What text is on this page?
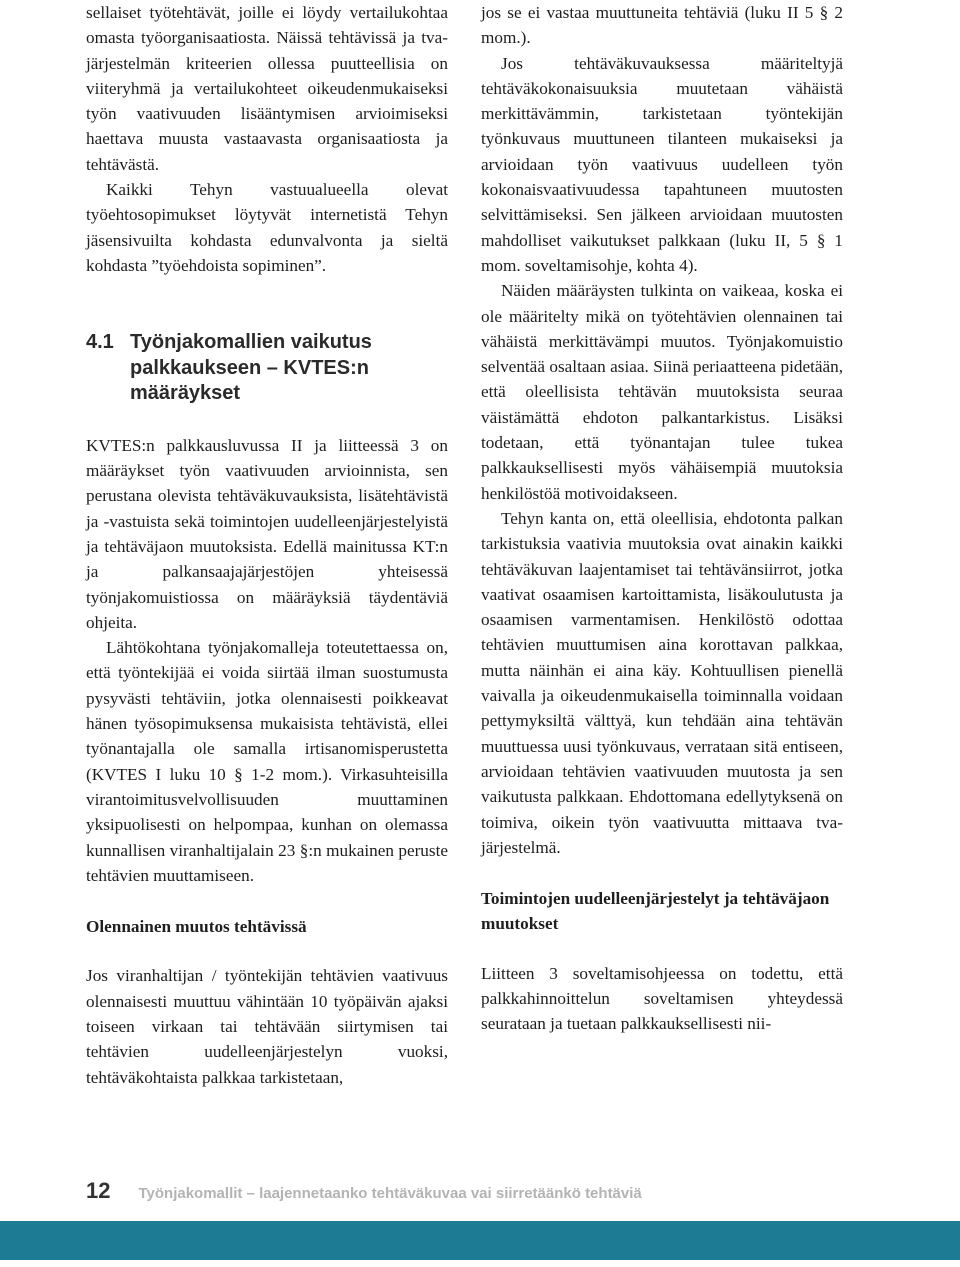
sellaiset työtehtävät, joille ei löydy vertailukohtaa omasta työorganisaatiosta. Näissä tehtävissä ja tva-järjestelmän kriteerien ollessa puutteellisia on viiteryhmä ja vertailukohteet oikeudenmukaiseksi työn vaativuuden lisääntymisen arvioimiseksi haettava muusta vastaavasta organisaatiosta ja tehtävästä.

Kaikki Tehyn vastuualueella olevat työehtosopimukset löytyvät internetistä Tehyn jäsensivuilta kohdasta edunvalvonta ja sieltä kohdasta ”työehdoista sopiminen”.

4.1 Työnjakomallien vaikutus palkkaukseen – KVTES:n määräykset

KVTES:n palkkausluvussa II ja liitteessä 3 on määräykset työn vaativuuden arvioinnista, sen perustana olevista tehtäväkuvauksista, lisätehtävistä ja -vastuista sekä toimintojen uudelleenjärjestelyistä ja tehtäväjaon muutoksista. Edellä mainitussa KT:n ja palkansaajajärjestöjen yhteisessä työnjakomuistiossa on määräyksiä täydentäviä ohjeita.

Lähtökohtana työnjakomalleja toteutettaessa on, että työntekijää ei voida siirtää ilman suostumusta pysyvästi tehtäviin, jotka olennaisesti poikkeavat hänen työsopimuksensa mukaisista tehtävistä, ellei työnantajalla ole samalla irtisanomisperustetta (KVTES I luku 10 § 1-2 mom.). Virkasuhteisilla virantoimitusvelvollisuuden muuttaminen yksipuolisesti on helpompaa, kunhan on olemassa kunnallisen viranhaltijalain 23 §:n mukainen peruste tehtävien muuttamiseen.

Olennainen muutos tehtävissä

Jos viranhaltijan / työntekijän tehtävien vaativuus olennaisesti muuttuu vähintään 10 työpäivän ajaksi toiseen virkaan tai tehtävään siirtymisen tai tehtävien uudelleenjärjestelyn vuoksi, tehtäväkohtaista palkkaa tarkistetaan,

jos se ei vastaa muuttuneita tehtäviä (luku II 5 § 2 mom.).

Jos tehtäväkuvauksessa määriteltyjä tehtäväkokonaisuuksia muutetaan vähäistä merkittävämmin, tarkistetaan työntekijän työnkuvaus muuttuneen tilanteen mukaiseksi ja arvioidaan työn vaativuus uudelleen työn kokonaisvaativuudessa tapahtuneen muutosten selvittämiseksi. Sen jälkeen arvioidaan muutosten mahdolliset vaikutukset palkkaan (luku II, 5 § 1 mom. soveltamisohje, kohta 4).

Näiden määräysten tulkinta on vaikeaa, koska ei ole määritelty mikä on työtehtävien olennainen tai vähäistä merkittävämpi muutos. Työnjakomuistio selventää osaltaan asiaa. Siinä periaatteena pidetään, että oleellisista tehtävän muutoksista seuraa väistämättä ehdoton palkantarkistus. Lisäksi todetaan, että työnantajan tulee tukea palkkauksellisesti myös vähäisempiä muutoksia henkilöstöä motivoidakseen.

Tehyn kanta on, että oleellisia, ehdotonta palkan tarkistuksia vaativia muutoksia ovat ainakin kaikki tehtäväkuvan laajentamiset tai tehtävänsiirrot, jotka vaativat osaamisen kartoittamista, lisäkoulutusta ja osaamisen varmentamisen. Henkilöstö odottaa tehtävien muuttumisen aina korottavan palkkaa, mutta näinhän ei aina käy. Kohtuullisen pienellä vaivalla ja oikeudenmukaisella toiminnalla voidaan pettymyksiltä välttyä, kun tehdään aina tehtävän muuttuessa uusi työnkuvaus, verrataan sitä entiseen, arvioidaan tehtävien vaativuuden muutosta ja sen vaikutusta palkkaan. Ehdottomana edellytyksenä on toimiva, oikein työn vaativuutta mittaava tva-järjestelmä.

Toimintojen uudelleenjärjestelyt ja tehtäväjaon muutokset

Liitteen 3 soveltamisohjeessa on todettu, että palkkahinnoittelun soveltamisen yhteydessä seurataan ja tuetaan palkkauksellisesti nii-

12 Työnjakomallit – laajennetaanko tehtäväkuvaa vai siirretäänkö tehtäviä
